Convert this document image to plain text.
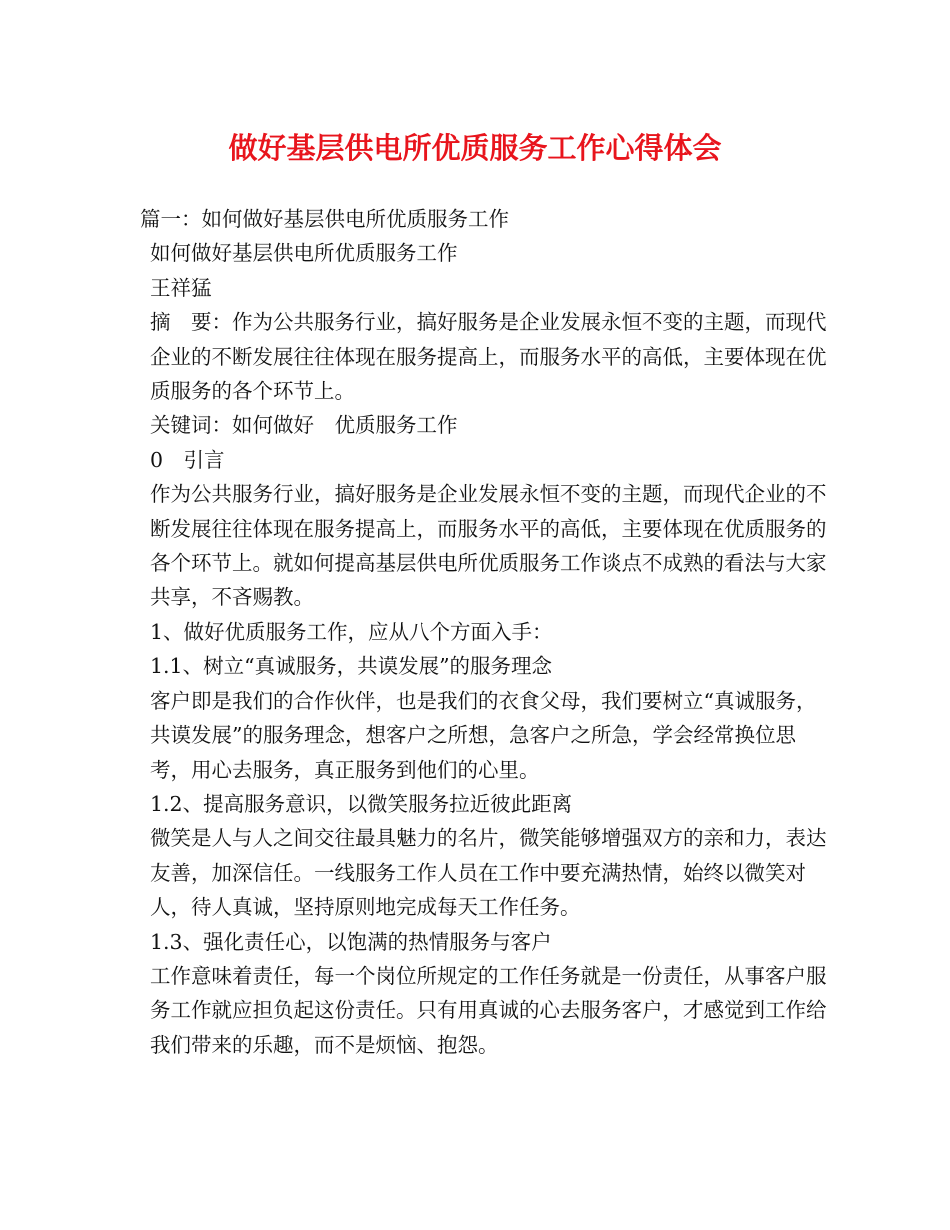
做好基层供电所优质服务工作心得体会

篇一：如何做好基层供电所优质服务工作

如何做好基层供电所优质服务工作

王祥猛

摘　要：作为公共服务行业，搞好服务是企业发展永恒不变的主题，而现代企业的不断发展往往体现在服务提高上，而服务水平的高低，主要体现在优质服务的各个环节上。

关键词：如何做好　优质服务工作

0　引言

作为公共服务行业，搞好服务是企业发展永恒不变的主题，而现代企业的不断发展往往体现在服务提高上，而服务水平的高低，主要体现在优质服务的各个环节上。就如何提高基层供电所优质服务工作谈点不成熟的看法与大家共享，不吝赐教。

1、做好优质服务工作，应从八个方面入手：

1.1、树立“真诚服务，共谟发展”的服务理念

客户即是我们的合作伙伴，也是我们的衣食父母，我们要树立“真诚服务，共谟发展”的服务理念，想客户之所想，急客户之所急，学会经常换位思考，用心去服务，真正服务到他们的心里。

1.2、提高服务意识，以微笑服务拉近彼此距离

微笑是人与人之间交往最具魅力的名片，微笑能够增强双方的亲和力，表达友善，加深信任。一线服务工作人员在工作中要充满热情，始终以微笑对人，待人真诚，坚持原则地完成每天工作任务。

1.3、强化责任心，以饱满的热情服务与客户

工作意味着责任，每一个岗位所规定的工作任务就是一份责任，从事客户服务工作就应担负起这份责任。只有用真诚的心去服务客户，才感觉到工作给我们带来的乐趣，而不是烦恼、抱怨。
